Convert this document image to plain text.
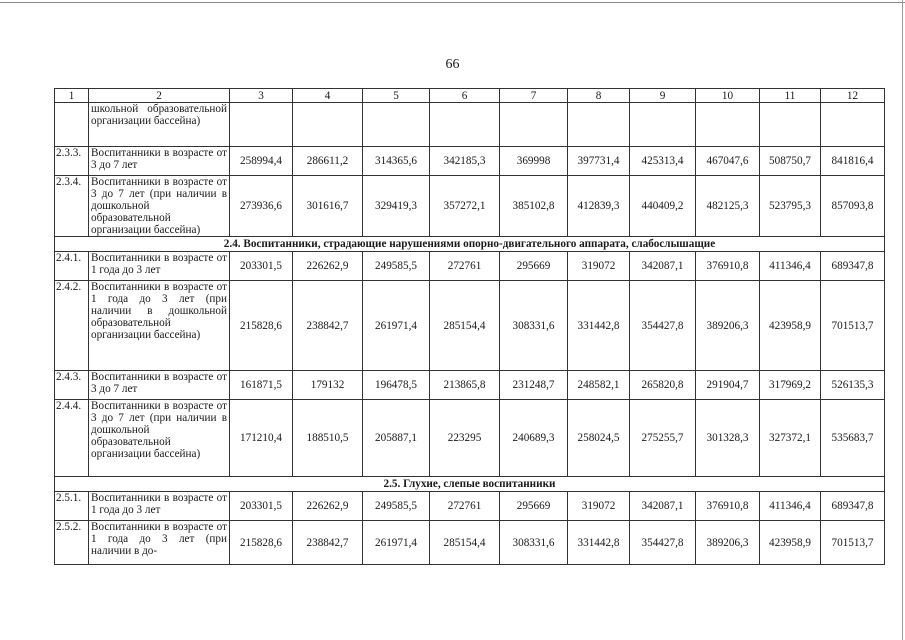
66
1	2	3	4	5	6	7	8	9	10	11	12
	школьной образовательной организации бассейна)										
2.3.3.	Воспитанники в возрасте от 3 до 7 лет	258994,4	286611,2	314365,6	342185,3	369998	397731,4	425313,4	467047,6	508750,7	841816,4
2.3.4.	Воспитанники в возрасте от 3 до 7 лет (при наличии в дошкольной образовательной организации бассейна)	273936,6	301616,7	329419,3	357272,1	385102,8	412839,3	440409,2	482125,3	523795,3	857093,8
2.4. Воспитанники, страдающие нарушениями опорно-двигательного аппарата, слабослышащие											
2.4.1.	Воспитанники в возрасте от 1 года до 3 лет	203301,5	226262,9	249585,5	272761	295669	319072	342087,1	376910,8	411346,4	689347,8
2.4.2.	Воспитанники в возрасте от 1 года до 3 лет (при наличии в дошкольной образовательной организации бассейна)	215828,6	238842,7	261971,4	285154,4	308331,6	331442,8	354427,8	389206,3	423958,9	701513,7
2.4.3.	Воспитанники в возрасте от 3 до 7 лет	161871,5	179132	196478,5	213865,8	231248,7	248582,1	265820,8	291904,7	317969,2	526135,3
2.4.4.	Воспитанники в возрасте от 3 до 7 лет (при наличии в дошкольной образовательной организации бассейна)	171210,4	188510,5	205887,1	223295	240689,3	258024,5	275255,7	301328,3	327372,1	535683,7
2.5. Глухие, слепые воспитанники											
2.5.1.	Воспитанники в возрасте от 1 года до 3 лет	203301,5	226262,9	249585,5	272761	295669	319072	342087,1	376910,8	411346,4	689347,8
2.5.2.	Воспитанники в возрасте от 1 года до 3 лет (при наличии в до-	215828,6	238842,7	261971,4	285154,4	308331,6	331442,8	354427,8	389206,3	423958,9	701513,7
